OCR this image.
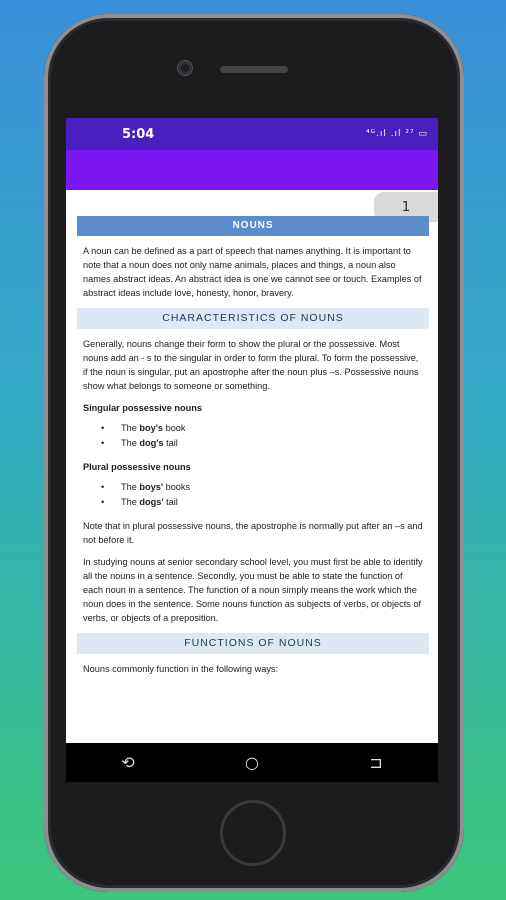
5:04	⁴ᴳ.ıl .ıl ²⁷ ▭
1
NOUNS

A noun can be defined as a part of speech that names anything. It is important to note that a noun does not only name animals, places and things, a noun also names abstract ideas. An abstract idea is one we cannot see or touch. Examples of abstract ideas include love, honesty, honor, bravery.

CHARACTERISTICS OF NOUNS

Generally, nouns change their form to show the plural or the possessive. Most nouns add an - s to the singular in order to form the plural. To form the possessive, if the noun is singular, put an apostrophe after the noun plus –s. Possessive nouns show what belongs to someone or something.

Singular possessive nouns

• The boy's book
• The dog's tail

Plural possessive nouns

• The boys' books
• The dogs' tail

Note that in plural possessive nouns, the apostrophe is normally put after an –s and not before it.

In studying nouns at senior secondary school level, you must first be able to identify all the nouns in a sentence. Secondly, you must be able to state the function of each noun in a sentence. The function of a noun simply means the work which the noun does in the sentence. Some nouns function as subjects of verbs, or objects of verbs, or objects of a preposition.

FUNCTIONS OF NOUNS

Nouns commonly function in the following ways:

⟲	○	⊐
